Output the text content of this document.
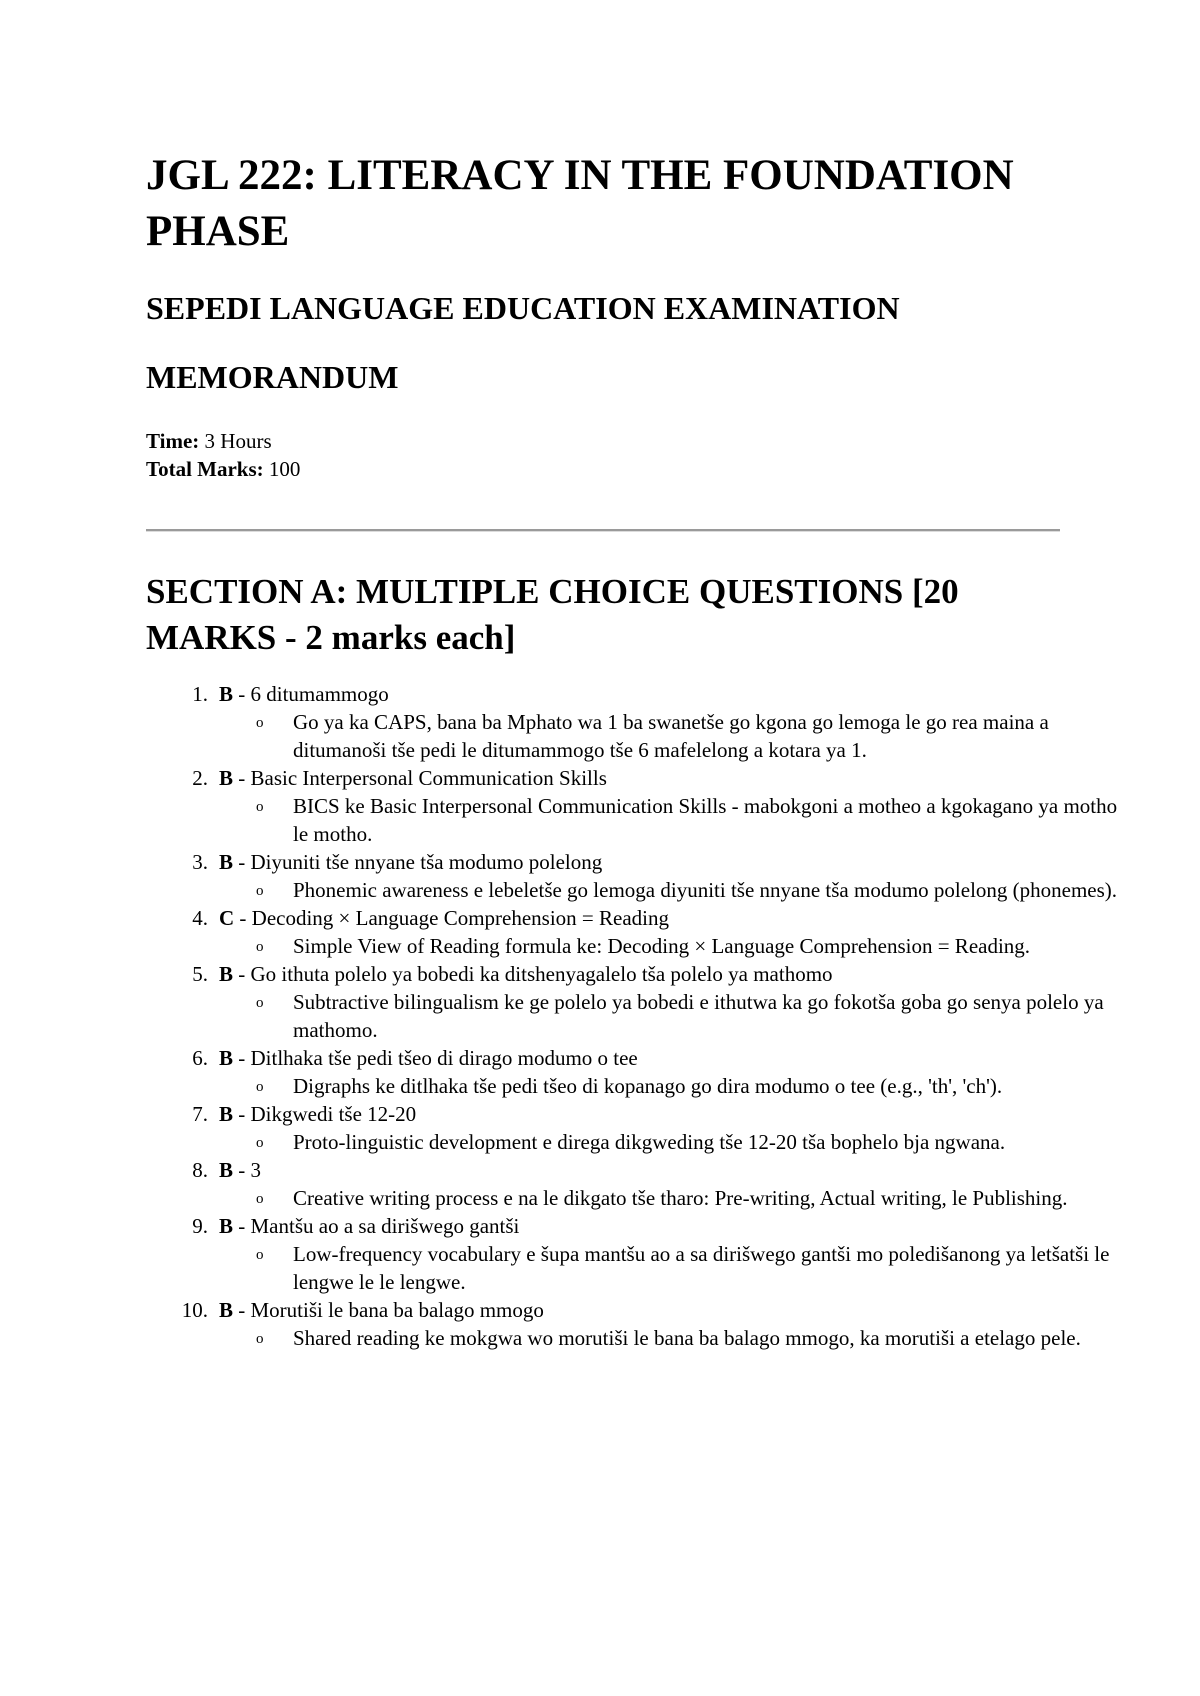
JGL 222: LITERACY IN THE FOUNDATION PHASE
SEPEDI LANGUAGE EDUCATION EXAMINATION
MEMORANDUM
Time: 3 Hours
Total Marks: 100
SECTION A: MULTIPLE CHOICE QUESTIONS [20 MARKS - 2 marks each]
1. B - 6 ditumammogo
o Go ya ka CAPS, bana ba Mphato wa 1 ba swanetše go kgona go lemoga le go rea maina a ditumanoši tše pedi le ditumammogo tše 6 mafelelong a kotara ya 1.
2. B - Basic Interpersonal Communication Skills
o BICS ke Basic Interpersonal Communication Skills - mabokgoni a motheo a kgokagano ya motho le motho.
3. B - Diyuniti tše nnyane tša modumo polelong
o Phonemic awareness e lebeletše go lemoga diyuniti tše nnyane tša modumo polelong (phonemes).
4. C - Decoding × Language Comprehension = Reading
o Simple View of Reading formula ke: Decoding × Language Comprehension = Reading.
5. B - Go ithuta polelo ya bobedi ka ditshenyagalelo tša polelo ya mathomo
o Subtractive bilingualism ke ge polelo ya bobedi e ithutwa ka go fokotša goba go senya polelo ya mathomo.
6. B - Ditlhaka tše pedi tšeo di dirago modumo o tee
o Digraphs ke ditlhaka tše pedi tšeo di kopanago go dira modumo o tee (e.g., 'th', 'ch').
7. B - Dikgwedi tše 12-20
o Proto-linguistic development e direga dikgweding tše 12-20 tša bophelo bja ngwana.
8. B - 3
o Creative writing process e na le dikgato tše tharo: Pre-writing, Actual writing, le Publishing.
9. B - Mantšu ao a sa dirišwego gantši
o Low-frequency vocabulary e šupa mantšu ao a sa dirišwego gantši mo poledišanong ya letšatši le lengwe le le lengwe.
10. B - Morutiši le bana ba balago mmogo
o Shared reading ke mokgwa wo morutiši le bana ba balago mmogo, ka morutiši a etelago pele.
